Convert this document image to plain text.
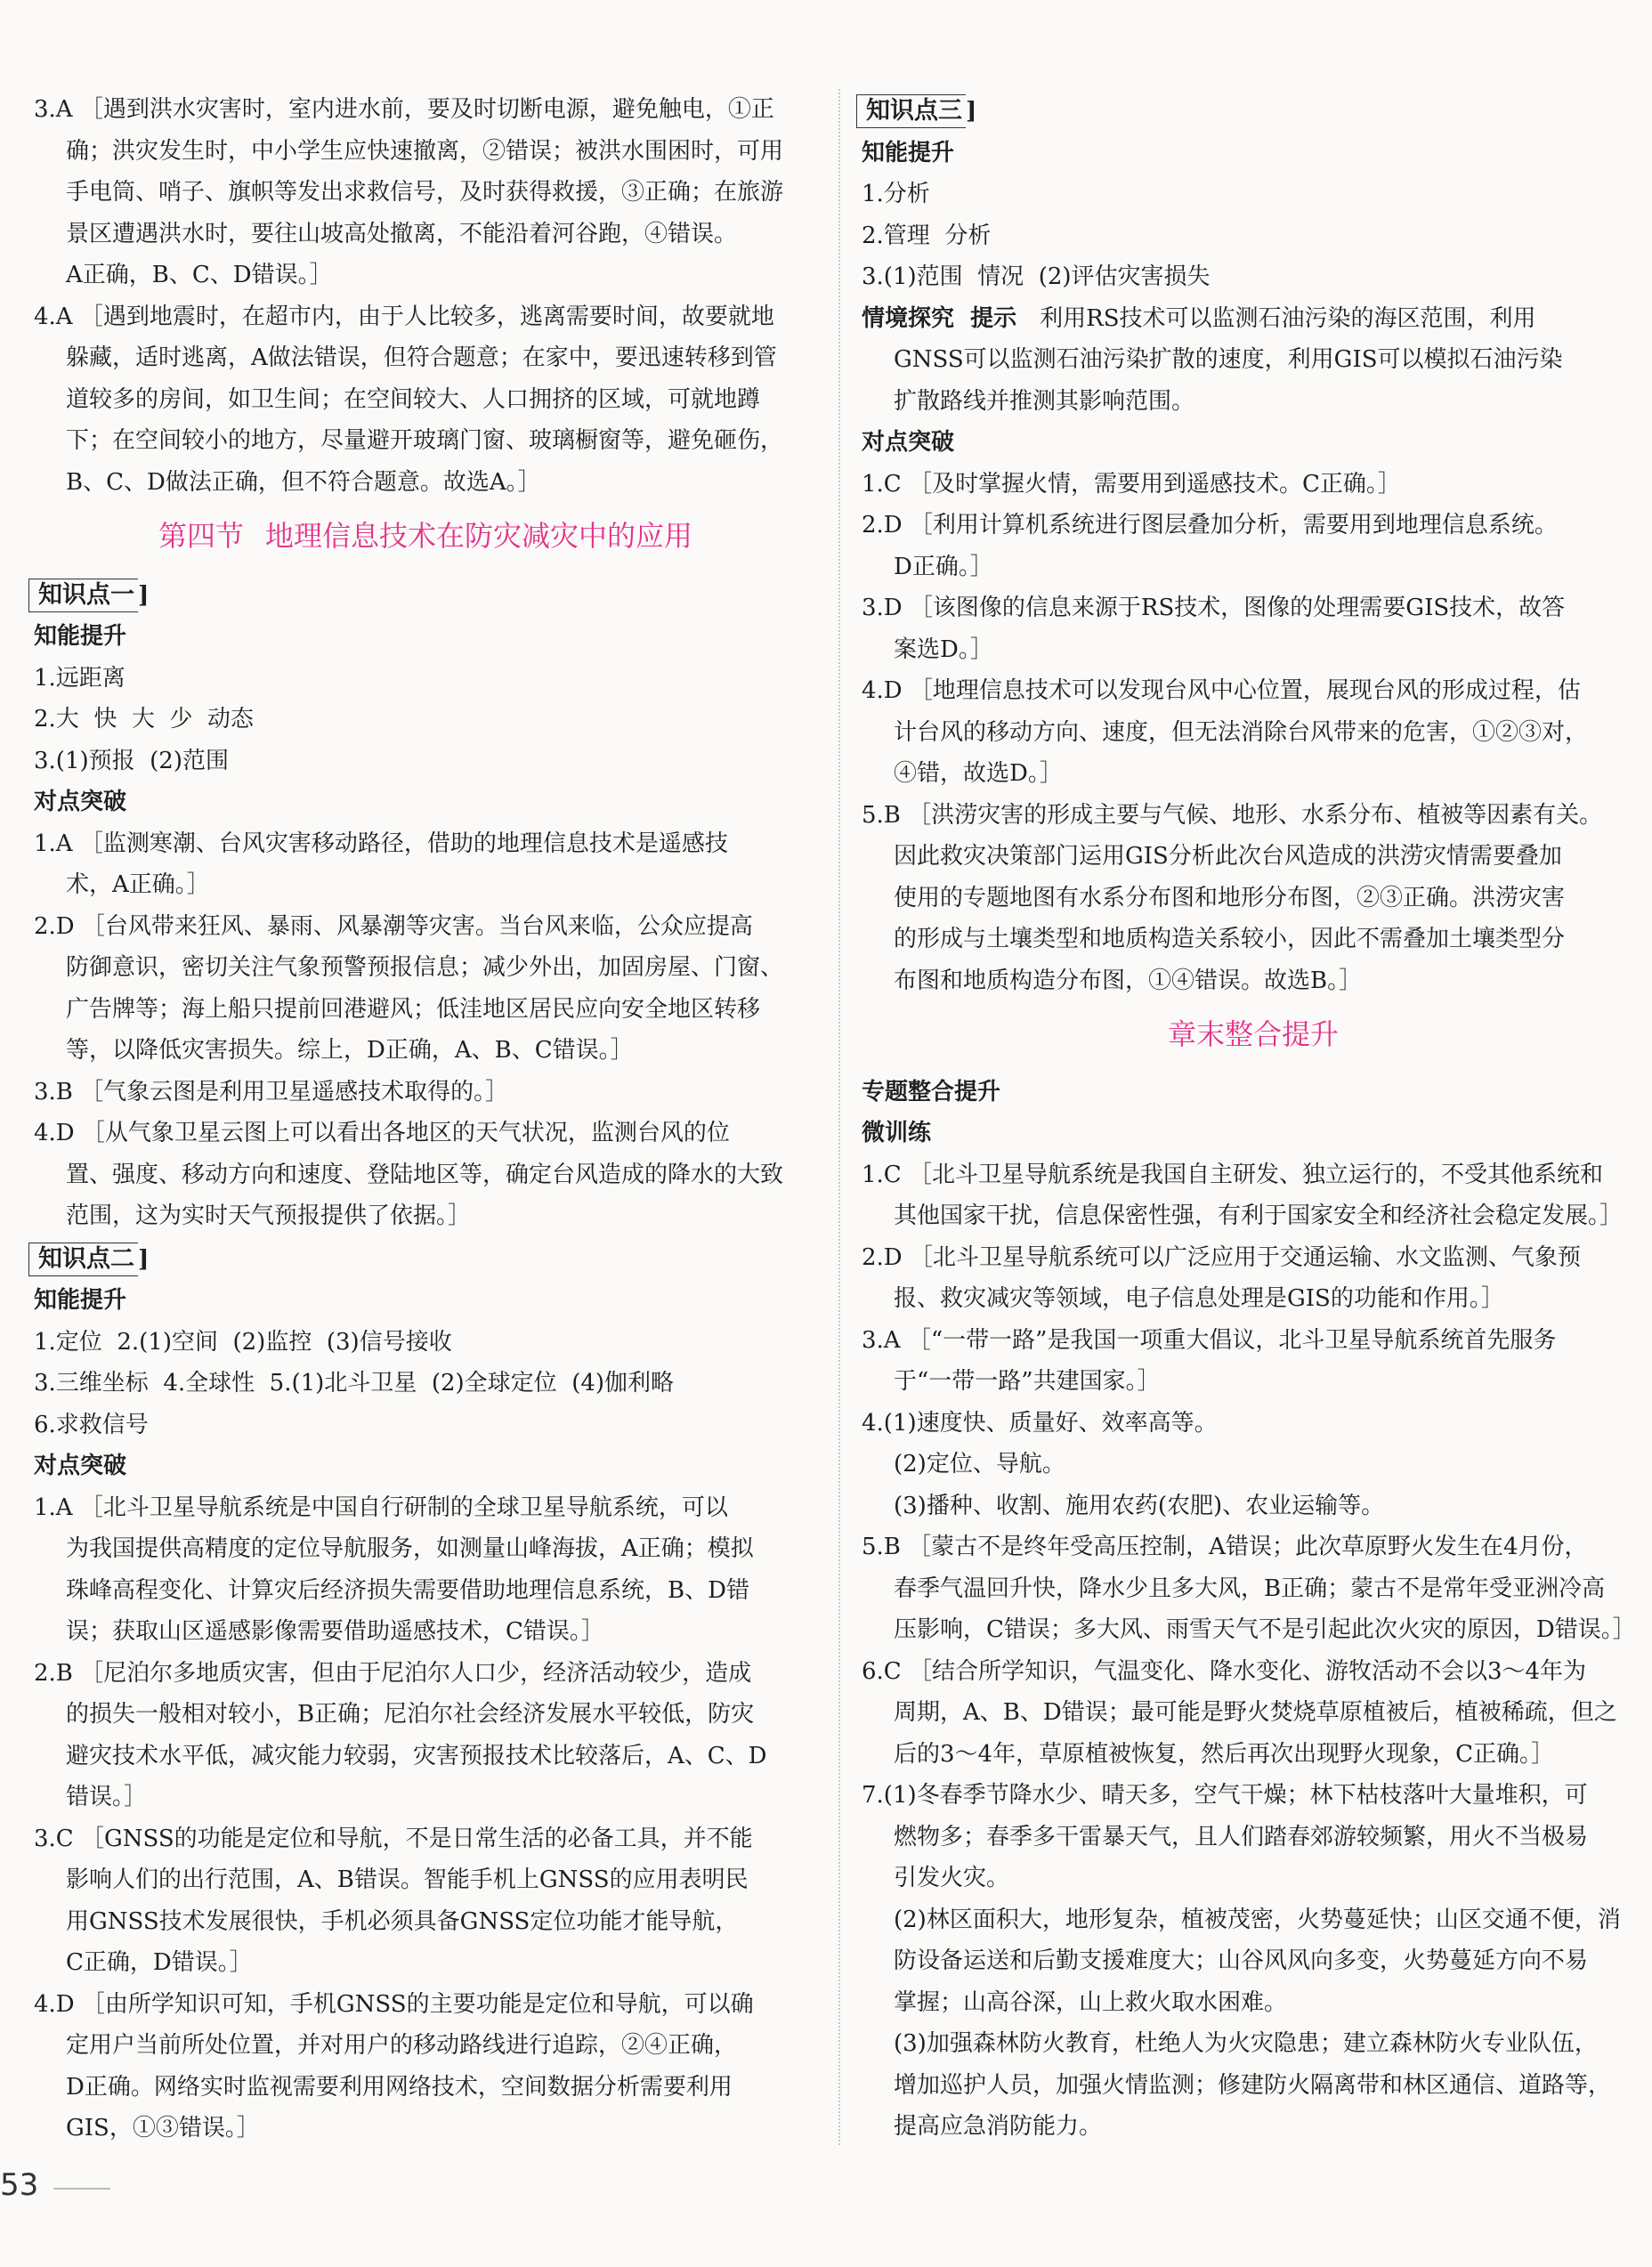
3.A ［遇到洪水灾害时，室内进水前，要及时切断电源，避免触电，①正
确；洪灾发生时，中小学生应快速撤离，②错误；被洪水围困时，可用
手电筒、哨子、旗帜等发出求救信号，及时获得救援，③正确；在旅游
景区遭遇洪水时，要往山坡高处撤离，不能沿着河谷跑，④错误。
A正确，B、C、D错误。］
4.A ［遇到地震时，在超市内，由于人比较多，逃离需要时间，故要就地
躲藏，适时逃离，A做法错误，但符合题意；在家中，要迅速转移到管
道较多的房间，如卫生间；在空间较大、人口拥挤的区域，可就地蹲
下；在空间较小的地方，尽量避开玻璃门窗、玻璃橱窗等，避免砸伤，
B、C、D做法正确，但不符合题意。故选A。］
第四节 地理信息技术在防灾减灾中的应用
知识点一 ]
知能提升
1.远距离
2.大  快  大  少  动态
3.(1)预报  (2)范围
对点突破
1.A ［监测寒潮、台风灾害移动路径，借助的地理信息技术是遥感技
术，A正确。］
2.D ［台风带来狂风、暴雨、风暴潮等灾害。当台风来临，公众应提高
防御意识，密切关注气象预警预报信息；减少外出，加固房屋、门窗、
广告牌等；海上船只提前回港避风；低洼地区居民应向安全地区转移
等，以降低灾害损失。综上，D正确，A、B、C错误。］
3.B ［气象云图是利用卫星遥感技术取得的。］
4.D ［从气象卫星云图上可以看出各地区的天气状况，监测台风的位
置、强度、移动方向和速度、登陆地区等，确定台风造成的降水的大致
范围，这为实时天气预报提供了依据。］
知识点二 ]
知能提升
1.定位  2.(1)空间  (2)监控  (3)信号接收
3.三维坐标  4.全球性  5.(1)北斗卫星  (2)全球定位  (4)伽利略
6.求救信号
对点突破
1.A ［北斗卫星导航系统是中国自行研制的全球卫星导航系统，可以
为我国提供高精度的定位导航服务，如测量山峰海拔，A正确；模拟
珠峰高程变化、计算灾后经济损失需要借助地理信息系统，B、D错
误；获取山区遥感影像需要借助遥感技术，C错误。］
2.B ［尼泊尔多地质灾害，但由于尼泊尔人口少，经济活动较少，造成
的损失一般相对较小，B正确；尼泊尔社会经济发展水平较低，防灾
避灾技术水平低，减灾能力较弱，灾害预报技术比较落后，A、C、D
错误。］
3.C ［GNSS的功能是定位和导航，不是日常生活的必备工具，并不能
影响人们的出行范围，A、B错误。智能手机上GNSS的应用表明民
用GNSS技术发展很快，手机必须具备GNSS定位功能才能导航，
C正确，D错误。］
4.D ［由所学知识可知，手机GNSS的主要功能是定位和导航，可以确
定用户当前所处位置，并对用户的移动路线进行追踪，②④正确，
D正确。网络实时监视需要利用网络技术，空间数据分析需要利用
GIS，①③错误。］
知识点三 ]
知能提升
1.分析
2.管理  分析
3.(1)范围  情况  (2)评估灾害损失
情境探究  提示　 利用RS技术可以监测石油污染的海区范围，利用
GNSS可以监测石油污染扩散的速度，利用GIS可以模拟石油污染
扩散路线并推测其影响范围。
对点突破
1.C ［及时掌握火情，需要用到遥感技术。C正确。］
2.D ［利用计算机系统进行图层叠加分析，需要用到地理信息系统。
D正确。］
3.D ［该图像的信息来源于RS技术，图像的处理需要GIS技术，故答
案选D。］
4.D ［地理信息技术可以发现台风中心位置，展现台风的形成过程，估
计台风的移动方向、速度，但无法消除台风带来的危害，①②③对，
④错，故选D。］
5.B ［洪涝灾害的形成主要与气候、地形、水系分布、植被等因素有关。
因此救灾决策部门运用GIS分析此次台风造成的洪涝灾情需要叠加
使用的专题地图有水系分布图和地形分布图，②③正确。洪涝灾害
的形成与土壤类型和地质构造关系较小，因此不需叠加土壤类型分
布图和地质构造分布图，①④错误。故选B。］
章末整合提升
专题整合提升
微训练
1.C ［北斗卫星导航系统是我国自主研发、独立运行的，不受其他系统和
其他国家干扰，信息保密性强，有利于国家安全和经济社会稳定发展。］
2.D ［北斗卫星导航系统可以广泛应用于交通运输、水文监测、气象预
报、救灾减灾等领域，电子信息处理是GIS的功能和作用。］
3.A ［“一带一路”是我国一项重大倡议，北斗卫星导航系统首先服务
于“一带一路”共建国家。］
4.(1)速度快、质量好、效率高等。
(2)定位、导航。
(3)播种、收割、施用农药(农肥)、农业运输等。
5.B ［蒙古不是终年受高压控制，A错误；此次草原野火发生在4月份，
春季气温回升快，降水少且多大风，B正确；蒙古不是常年受亚洲冷高
压影响，C错误；多大风、雨雪天气不是引起此次火灾的原因，D错误。］
6.C ［结合所学知识，气温变化、降水变化、游牧活动不会以3～4年为
周期，A、B、D错误；最可能是野火焚烧草原植被后，植被稀疏，但之
后的3～4年，草原植被恢复，然后再次出现野火现象，C正确。］
7.(1)冬春季节降水少、晴天多，空气干燥；林下枯枝落叶大量堆积，可
燃物多；春季多干雷暴天气，且人们踏春郊游较频繁，用火不当极易
引发火灾。
(2)林区面积大，地形复杂，植被茂密，火势蔓延快；山区交通不便，消
防设备运送和后勤支援难度大；山谷风风向多变，火势蔓延方向不易
掌握；山高谷深，山上救火取水困难。
(3)加强森林防火教育，杜绝人为火灾隐患；建立森林防火专业队伍，
增加巡护人员，加强火情监测；修建防火隔离带和林区通信、道路等，
提高应急消防能力。
53
